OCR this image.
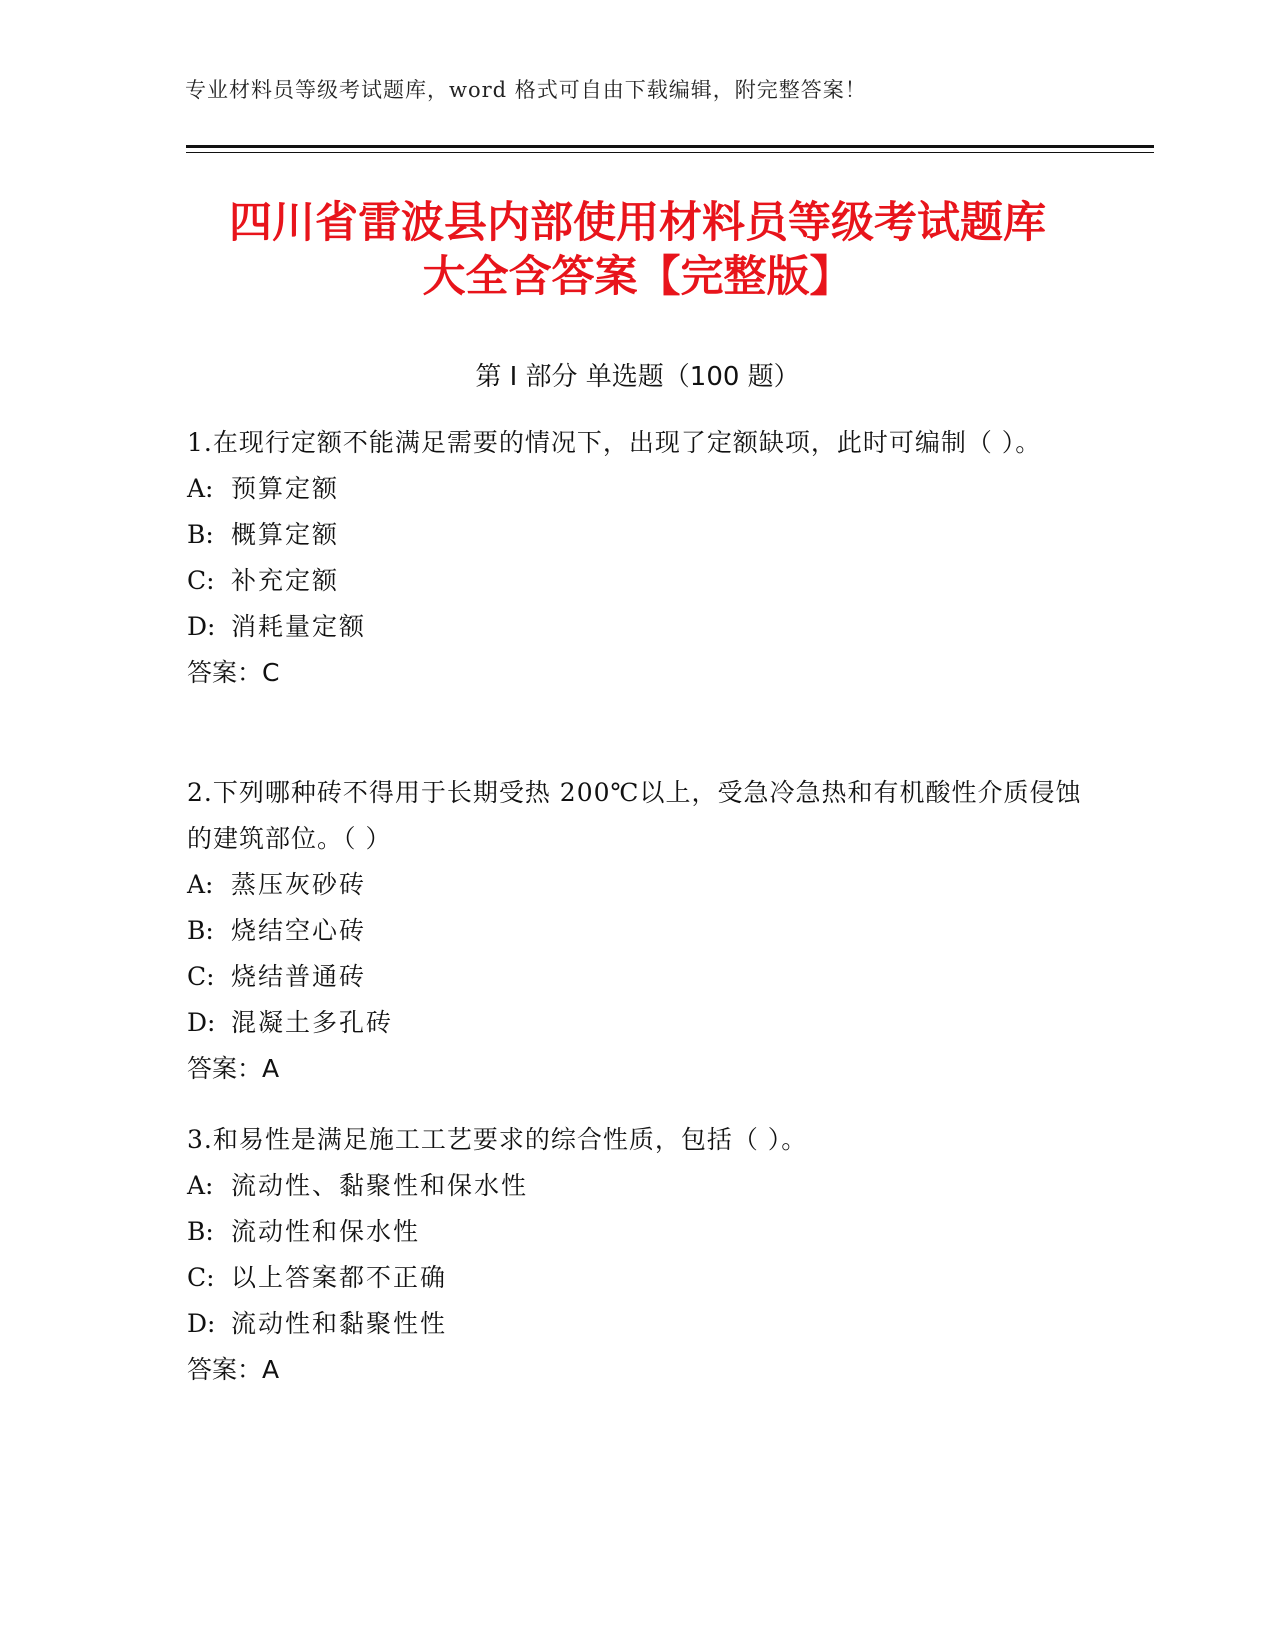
专业材料员等级考试题库，word 格式可自由下载编辑，附完整答案！
四川省雷波县内部使用材料员等级考试题库
大全含答案【完整版】
第 I 部分 单选题（100 题）

1.在现行定额不能满足需要的情况下，出现了定额缺项，此时可编制（ ）。

A: 预算定额

B: 概算定额

C: 补充定额

D: 消耗量定额

答案：C

2.下列哪种砖不得用于长期受热 200℃以上，受急冷急热和有机酸性介质侵蚀的建筑部位。（ ）

A: 蒸压灰砂砖

B: 烧结空心砖

C: 烧结普通砖

D: 混凝土多孔砖

答案：A

3.和易性是满足施工工艺要求的综合性质，包括（ ）。

A: 流动性、黏聚性和保水性

B: 流动性和保水性

C: 以上答案都不正确

D: 流动性和黏聚性性

答案：A
